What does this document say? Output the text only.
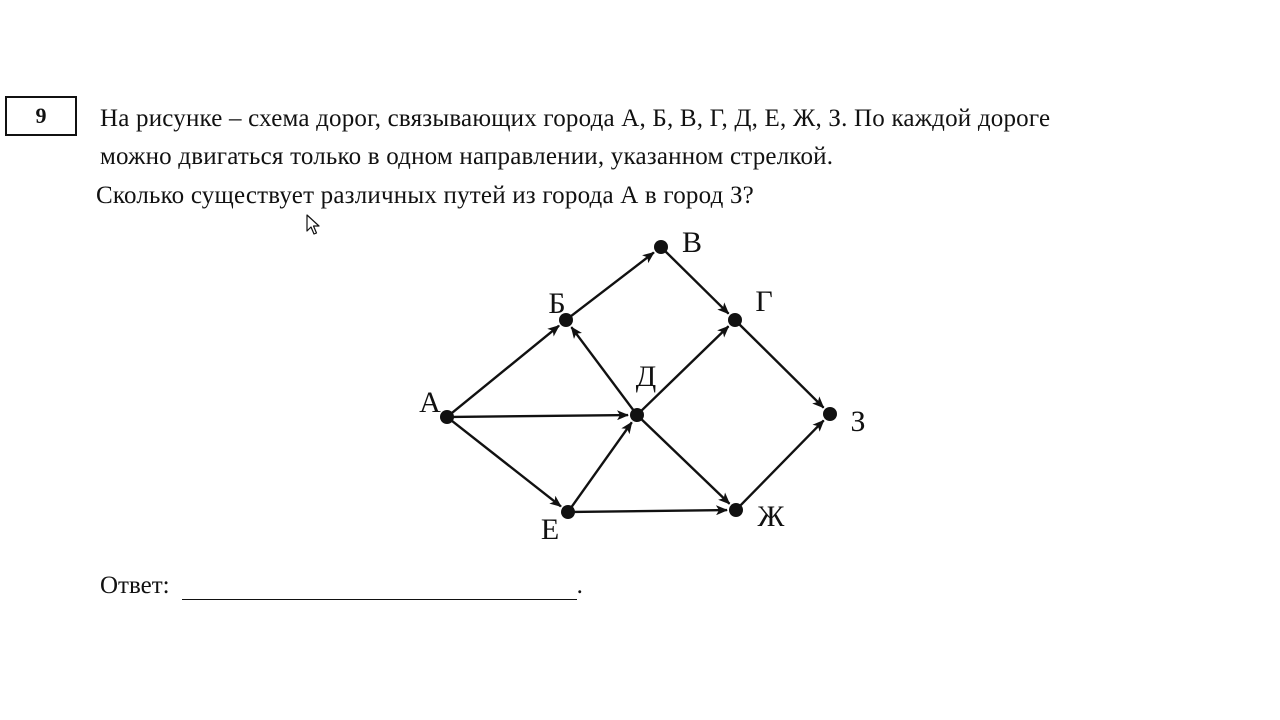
9 На рисунке – схема дорог, связывающих города А, Б, В, Г, Д, Е, Ж, З. По каждой дороге

можно двигаться только в одном направлении, указанном стрелкой.

Сколько существует различных путей из города А в город З?
А
Б
В
Г
Д
Е	Ж
З
Ответ:	.
